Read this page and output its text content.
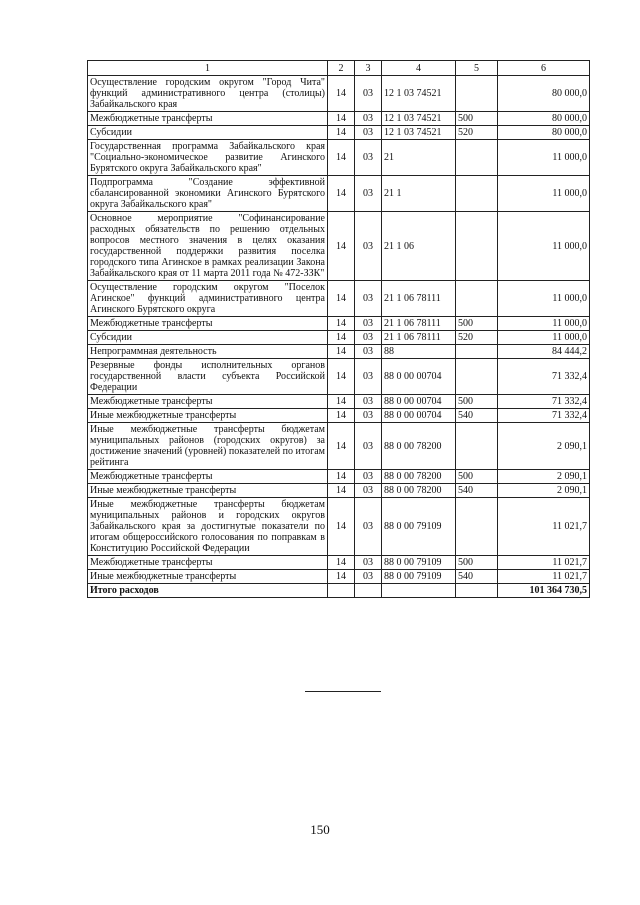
1	2	3	4	5	6
Осуществление городским округом "Город Чита" функций административного центра (столицы) Забайкальского края	14	03	12 1 03 74521		80 000,0
Межбюджетные трансферты	14	03	12 1 03 74521	500	80 000,0
Субсидии	14	03	12 1 03 74521	520	80 000,0
Государственная программа Забайкальского края "Социально-экономическое развитие Агинского Бурятского округа Забайкальского края"	14	03	21		11 000,0
Подпрограмма "Создание эффективной сбалансированной экономики Агинского Бурятского округа Забайкальского края"	14	03	21 1		11 000,0
Основное мероприятие "Софинансирование расходных обязательств по решению отдельных вопросов местного значения в целях оказания государственной поддержки развития поселка городского типа Агинское в рамках реализации Закона Забайкальского края от 11 марта 2011 года № 472-ЗЗК"	14	03	21 1 06		11 000,0
Осуществление городским округом "Поселок Агинское" функций административного центра Агинского Бурятского округа	14	03	21 1 06 78111		11 000,0
Межбюджетные трансферты	14	03	21 1 06 78111	500	11 000,0
Субсидии	14	03	21 1 06 78111	520	11 000,0
Непрограммная деятельность	14	03	88		84 444,2
Резервные фонды исполнительных органов государственной власти субъекта Российской Федерации	14	03	88 0 00 00704		71 332,4
Межбюджетные трансферты	14	03	88 0 00 00704	500	71 332,4
Иные межбюджетные трансферты	14	03	88 0 00 00704	540	71 332,4
Иные межбюджетные трансферты бюджетам муниципальных районов (городских округов) за достижение значений (уровней) показателей по итогам рейтинга	14	03	88 0 00 78200		2 090,1
Межбюджетные трансферты	14	03	88 0 00 78200	500	2 090,1
Иные межбюджетные трансферты	14	03	88 0 00 78200	540	2 090,1
Иные межбюджетные трансферты бюджетам муниципальных районов и городских округов Забайкальского края за достигнутые показатели по итогам общероссийского голосования по поправкам в Конституцию Российской Федерации	14	03	88 0 00 79109		11 021,7
Межбюджетные трансферты	14	03	88 0 00 79109	500	11 021,7
Иные межбюджетные трансферты	14	03	88 0 00 79109	540	11 021,7
Итого расходов					101 364 730,5
150
